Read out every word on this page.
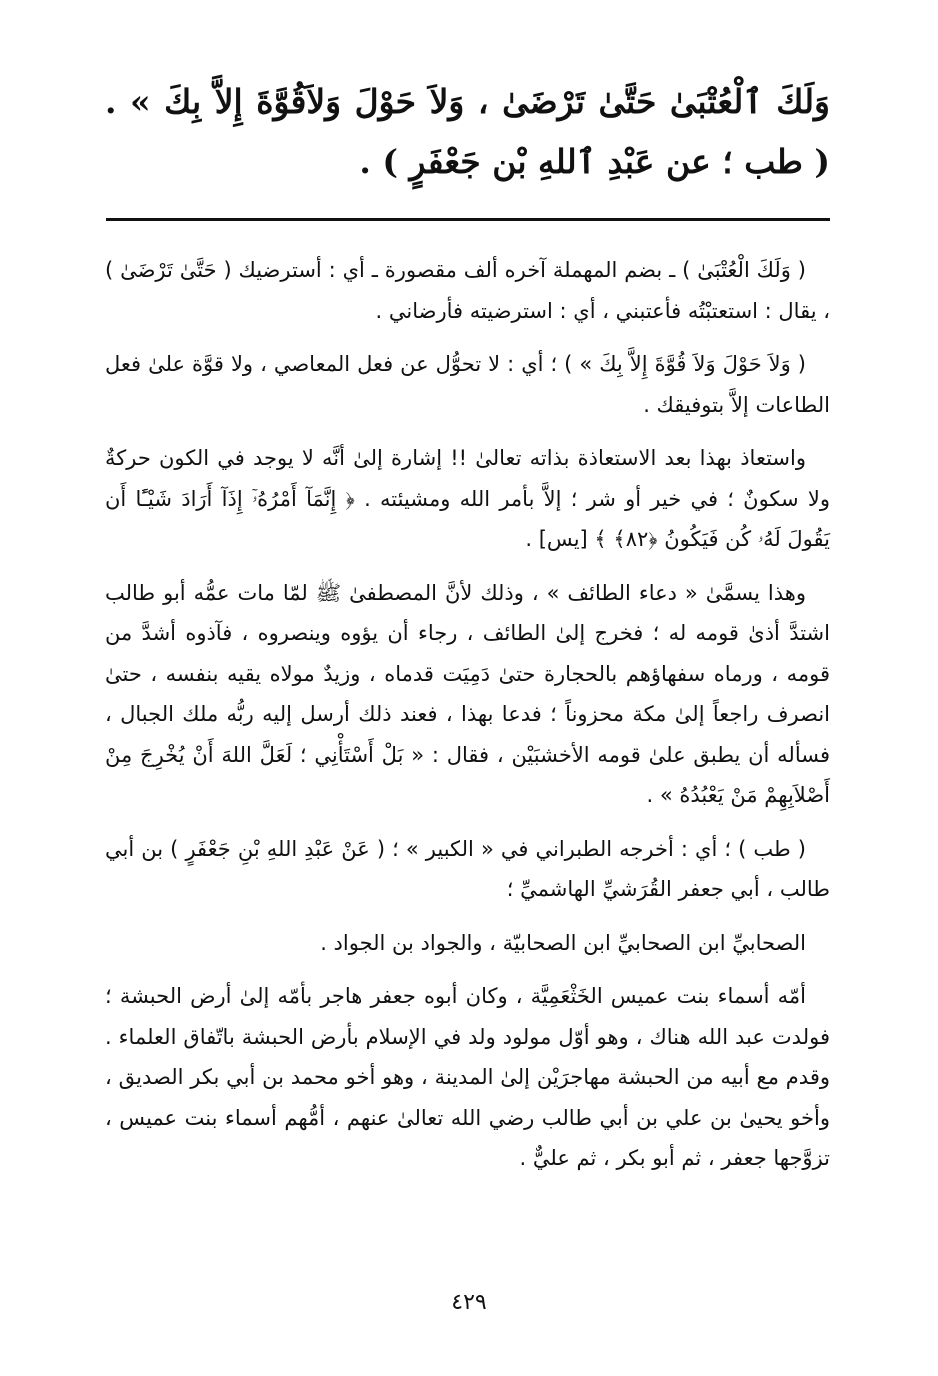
وَلَكَ ٱلْعُتْبَىٰ حَتَّىٰ تَرْضَىٰ ، وَلاَ حَوْلَ وَلاَقُوَّةَ إِلاَّ بِكَ » . ( طب ؛ عن عَبْدِ ٱللهِ بْن جَعْفَرٍ ) .

( وَلَكَ الْعُتْبَىٰ ) ـ بضم المهملة آخره ألف مقصورة ـ أي : أسترضيك ( حَتَّىٰ تَرْضَىٰ ) ، يقال : استعتبْتُه فأعتبني ، أي : استرضيته فأرضاني .

( وَلاَ حَوْلَ وَلاَ قُوَّةَ إِلاَّ بِكَ » ) ؛ أي : لا تحوُّل عن فعل المعاصي ، ولا قوَّة علىٰ فعل الطاعات إلاَّ بتوفيقك .

واستعاذ بهذا بعد الاستعاذة بذاته تعالىٰ !! إشارة إلىٰ أنَّه لا يوجد في الكون حركةٌ ولا سكونٌ ؛ في خير أو شر ؛ إلاَّ بأمر الله ومشيئته . ﴿ إِنَّمَآ أَمْرُهُۥٓ إِذَآ أَرَادَ شَيْـًٔا أَن يَقُولَ لَهُۥ كُن فَيَكُونُ ﴿٨٢﴾ ﴾ [يس] .

وهذا يسمَّىٰ « دعاء الطائف » ، وذلك لأنَّ المصطفىٰ ﷺ لمّا مات عمُّه أبو طالب اشتدَّ أذىٰ قومه له ؛ فخرج إلىٰ الطائف ، رجاء أن يؤوه وينصروه ، فآذوه أشدَّ من قومه ، ورماه سفهاؤهم بالحجارة حتىٰ دَمِيَت قدماه ، وزيدٌ مولاه يقيه بنفسه ، حتىٰ انصرف راجعاً إلىٰ مكة محزوناً ؛ فدعا بهذا ، فعند ذلك أرسل إليه ربُّه ملك الجبال ، فسأله أن يطبق علىٰ قومه الأخشبَيْن ، فقال : « بَلْ أَسْتَأْنِي ؛ لَعَلَّ اللهَ أَنْ يُخْرِجَ مِنْ أَصْلاَبِهِمْ مَنْ يَعْبُدُهُ » .

( طب ) ؛ أي : أخرجه الطبراني في « الكبير » ؛ ( عَنْ عَبْدِ اللهِ بْنِ جَعْفَرٍ ) بن أبي طالب ، أبي جعفر القُرَشيِّ الهاشميِّ ؛

الصحابيِّ ابن الصحابيِّ ابن الصحابيّة ، والجواد بن الجواد .

أمّه أسماء بنت عميس الخَثْعَمِيَّة ، وكان أبوه جعفر هاجر بأمّه إلىٰ أرض الحبشة ؛ فولدت عبد الله هناك ، وهو أوّل مولود ولد في الإسلام بأرض الحبشة باتّفاق العلماء . وقدم مع أبيه من الحبشة مهاجرَيْن إلىٰ المدينة ، وهو أخو محمد بن أبي بكر الصديق ، وأخو يحيىٰ بن علي بن أبي طالب رضي الله تعالىٰ عنهم ، أمُّهم أسماء بنت عميس ، تزوَّجها جعفر ، ثم أبو بكر ، ثم عليٌّ .

٤٢٩
